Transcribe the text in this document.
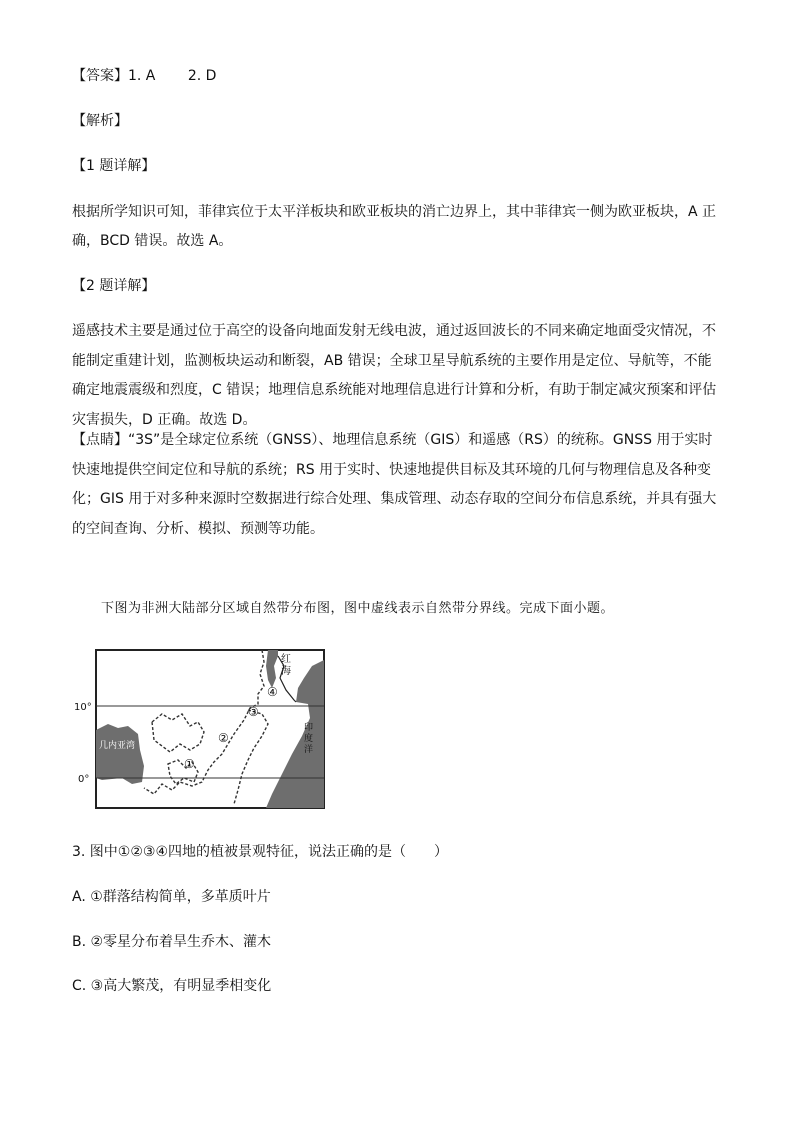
【答案】1. A　　 2. D

【解析】

【1 题详解】

根据所学知识可知，菲律宾位于太平洋板块和欧亚板块的消亡边界上，其中菲律宾一侧为欧亚板块，A 正确，BCD 错误。故选 A。

【2 题详解】

遥感技术主要是通过位于高空的设备向地面发射无线电波，通过返回波长的不同来确定地面受灾情况，不能制定重建计划，监测板块运动和断裂，AB 错误；全球卫星导航系统的主要作用是定位、导航等，不能确定地震震级和烈度，C 错误；地理信息系统能对地理信息进行计算和分析，有助于制定减灾预案和评估灾害损失，D 正确。故选 D。

【点睛】“3S”是全球定位系统（GNSS）、地理信息系统（GIS）和遥感（RS）的统称。GNSS 用于实时快速地提供空间定位和导航的系统；RS 用于实时、快速地提供目标及其环境的几何与物理信息及各种变化；GIS 用于对多种来源时空数据进行综合处理、集成管理、动态存取的空间分布信息系统，并具有强大的空间查询、分析、模拟、预测等功能。

下图为非洲大陆部分区域自然带分布图，图中虚线表示自然带分界线。完成下面小题。

10°
0°
红
海
印
度
洋
几内亚湾
①
②
③
④

3. 图中①②③④四地的植被景观特征，说法正确的是（　　）

A. ①群落结构简单，多革质叶片

B. ②零星分布着旱生乔木、灌木

C. ③高大繁茂，有明显季相变化
